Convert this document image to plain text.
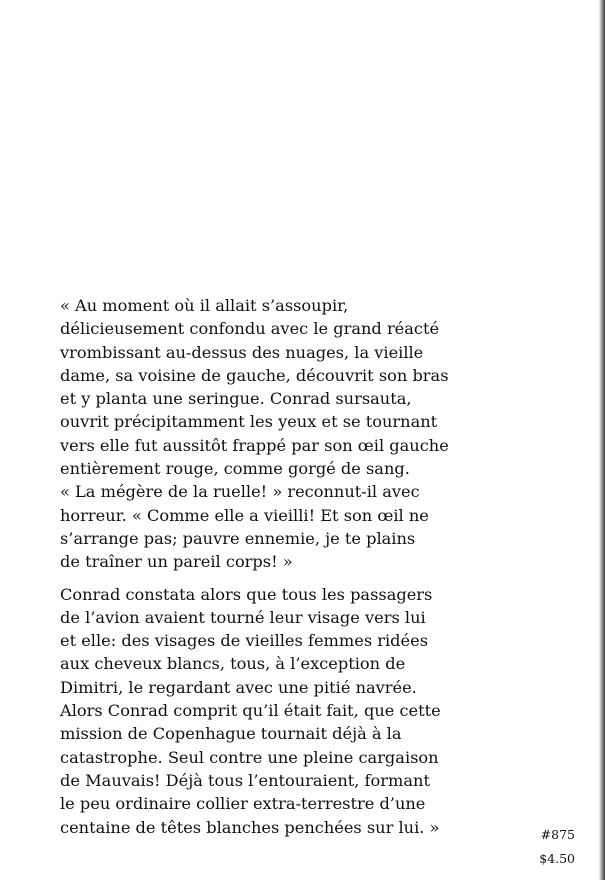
« Au moment où il allait s’assoupir,
délicieusement confondu avec le grand réacté
vrombissant au-dessus des nuages, la vieille
dame, sa voisine de gauche, découvrit son bras
et y planta une seringue. Conrad sursauta,
ouvrit précipitamment les yeux et se tournant
vers elle fut aussitôt frappé par son œil gauche
entièrement rouge, comme gorgé de sang.
« La mégère de la ruelle! » reconnut-il avec
horreur. « Comme elle a vieilli! Et son œil ne
s’arrange pas; pauvre ennemie, je te plains
de traîner un pareil corps! »

Conrad constata alors que tous les passagers
de l’avion avaient tourné leur visage vers lui
et elle: des visages de vieilles femmes ridées
aux cheveux blancs, tous, à l’exception de
Dimitri, le regardant avec une pitié navrée.
Alors Conrad comprit qu’il était fait, que cette
mission de Copenhague tournait déjà à la
catastrophe. Seul contre une pleine cargaison
de Mauvais! Déjà tous l’entouraient, formant
le peu ordinaire collier extra-terrestre d’une
centaine de têtes blanches penchées sur lui. »	#875
$4.50
